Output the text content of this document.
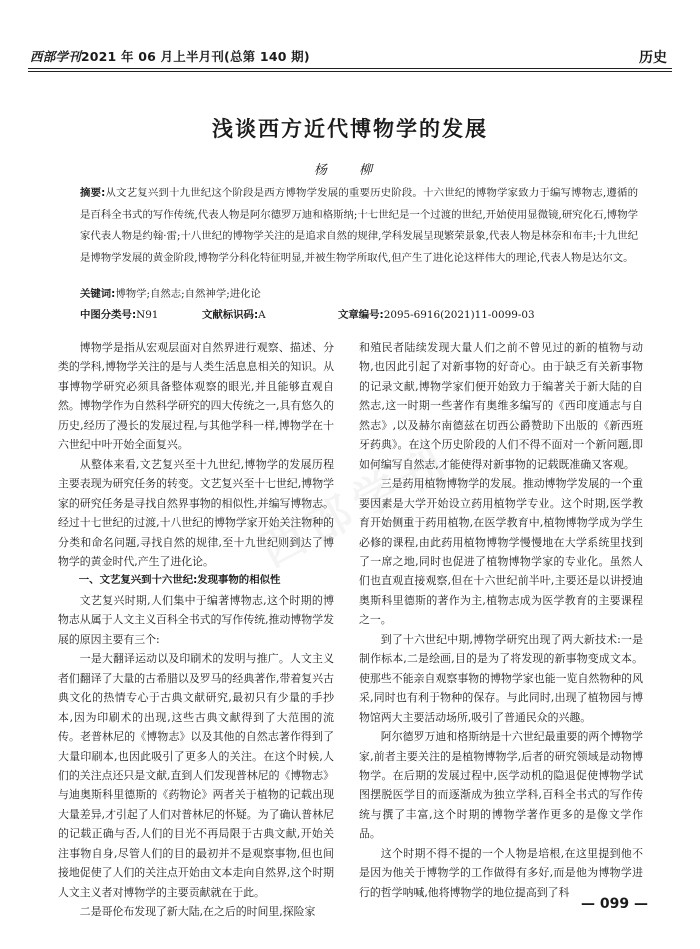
西部学刊2021 年 06 月上半月刊(总第 140 期)	历史
浅谈西方近代博物学的发展
杨 柳
摘要:从文艺复兴到十九世纪这个阶段是西方博物学发展的重要历史阶段。十六世纪的博物学家致力于编写博物志,遵循的是百科全书式的写作传统,代表人物是阿尔德罗万迪和格斯纳;十七世纪是一个过渡的世纪,开始使用显微镜,研究化石,博物学家代表人物是约翰·雷;十八世纪的博物学关注的是追求自然的规律,学科发展呈现繁荣景象,代表人物是林奈和布丰;十九世纪是博物学发展的黄金阶段,博物学分科化特征明显,并被生物学所取代,但产生了进化论这样伟大的理论,代表人物是达尔文。
关键词:博物学;自然志;自然神学;进化论
中图分类号:N91	文献标识码:A	文章编号:2095-6916(2021)11-0099-03

博物学是指从宏观层面对自然界进行观察、描述、分类的学科,博物学关注的是与人类生活息息相关的知识。从事博物学研究必须具备整体观察的眼光,并且能够直观自然。博物学作为自然科学研究的四大传统之一,具有悠久的历史,经历了漫长的发展过程,与其他学科一样,博物学在十六世纪中叶开始全面复兴。

从整体来看,文艺复兴至十九世纪,博物学的发展历程主要表现为研究任务的转变。文艺复兴至十七世纪,博物学家的研究任务是寻找自然界事物的相似性,并编写博物志。经过十七世纪的过渡,十八世纪的博物学家开始关注物种的分类和命名问题,寻找自然的规律,至十九世纪则到达了博物学的黄金时代,产生了进化论。

一、文艺复兴到十六世纪:发现事物的相似性

文艺复兴时期,人们集中于编著博物志,这个时期的博物志从属于人文主义百科全书式的写作传统,推动博物学发展的原因主要有三个:

一是大翻译运动以及印刷术的发明与推广。人文主义者们翻译了大量的古希腊以及罗马的经典著作,带着复兴古典文化的热情专心于古典文献研究,最初只有少量的手抄本,因为印刷术的出现,这些古典文献得到了大范围的流传。老普林尼的《博物志》以及其他的自然志著作得到了大量印刷本,也因此吸引了更多人的关注。在这个时候,人们的关注点还只是文献,直到人们发现普林尼的《博物志》与迪奥斯科里德斯的《药物论》两者关于植物的记载出现大量差异,才引起了人们对普林尼的怀疑。为了确认普林尼的记载正确与否,人们的目光不再局限于古典文献,开始关注事物自身,尽管人们的目的最初并不是观察事物,但也间接地促使了人们的关注点开始由文本走向自然界,这个时期人文主义者对博物学的主要贡献就在于此。

二是哥伦布发现了新大陆,在之后的时间里,探险家

和殖民者陆续发现大量人们之前不曾见过的新的植物与动物,也因此引起了对新事物的好奇心。由于缺乏有关新事物的记录文献,博物学家们便开始致力于编著关于新大陆的自然志,这一时期一些著作有奥维多编写的《西印度通志与自然志》,以及赫尔南德兹在切西公爵赞助下出版的《新西班牙药典》。在这个历史阶段的人们不得不面对一个新问题,即如何编写自然志,才能使得对新事物的记载既准确又客观。

三是药用植物博物学的发展。推动博物学发展的一个重要因素是大学开始设立药用植物学专业。这个时期,医学教育开始侧重于药用植物,在医学教育中,植物博物学成为学生必修的课程,由此药用植物博物学慢慢地在大学系统里找到了一席之地,同时也促进了植物博物学家的专业化。虽然人们也直观直接观察,但在十六世纪前半叶,主要还是以讲授迪奥斯科里德斯的著作为主,植物志成为医学教育的主要课程之一。

到了十六世纪中期,博物学研究出现了两大新技术:一是制作标本,二是绘画,目的是为了将发现的新事物变成文本。使那些不能亲自观察事物的博物学家也能一览自然物种的风采,同时也有利于物种的保存。与此同时,出现了植物园与博物馆两大主要活动场所,吸引了普通民众的兴趣。

阿尔德罗万迪和格斯纳是十六世纪最重要的两个博物学家,前者主要关注的是植物博物学,后者的研究领域是动物博物学。在后期的发展过程中,医学动机的隐退促使博物学试图摆脱医学目的而逐渐成为独立学科,百科全书式的写作传统与撰了丰富,这个时期的博物学著作更多的是像文学作品。

这个时期不得不提的一个人物是培根,在这里提到他不是因为他关于博物学的工作做得有多好,而是他为博物学进行的哲学呐喊,他将博物学的地位提高到了科

— 099 —
